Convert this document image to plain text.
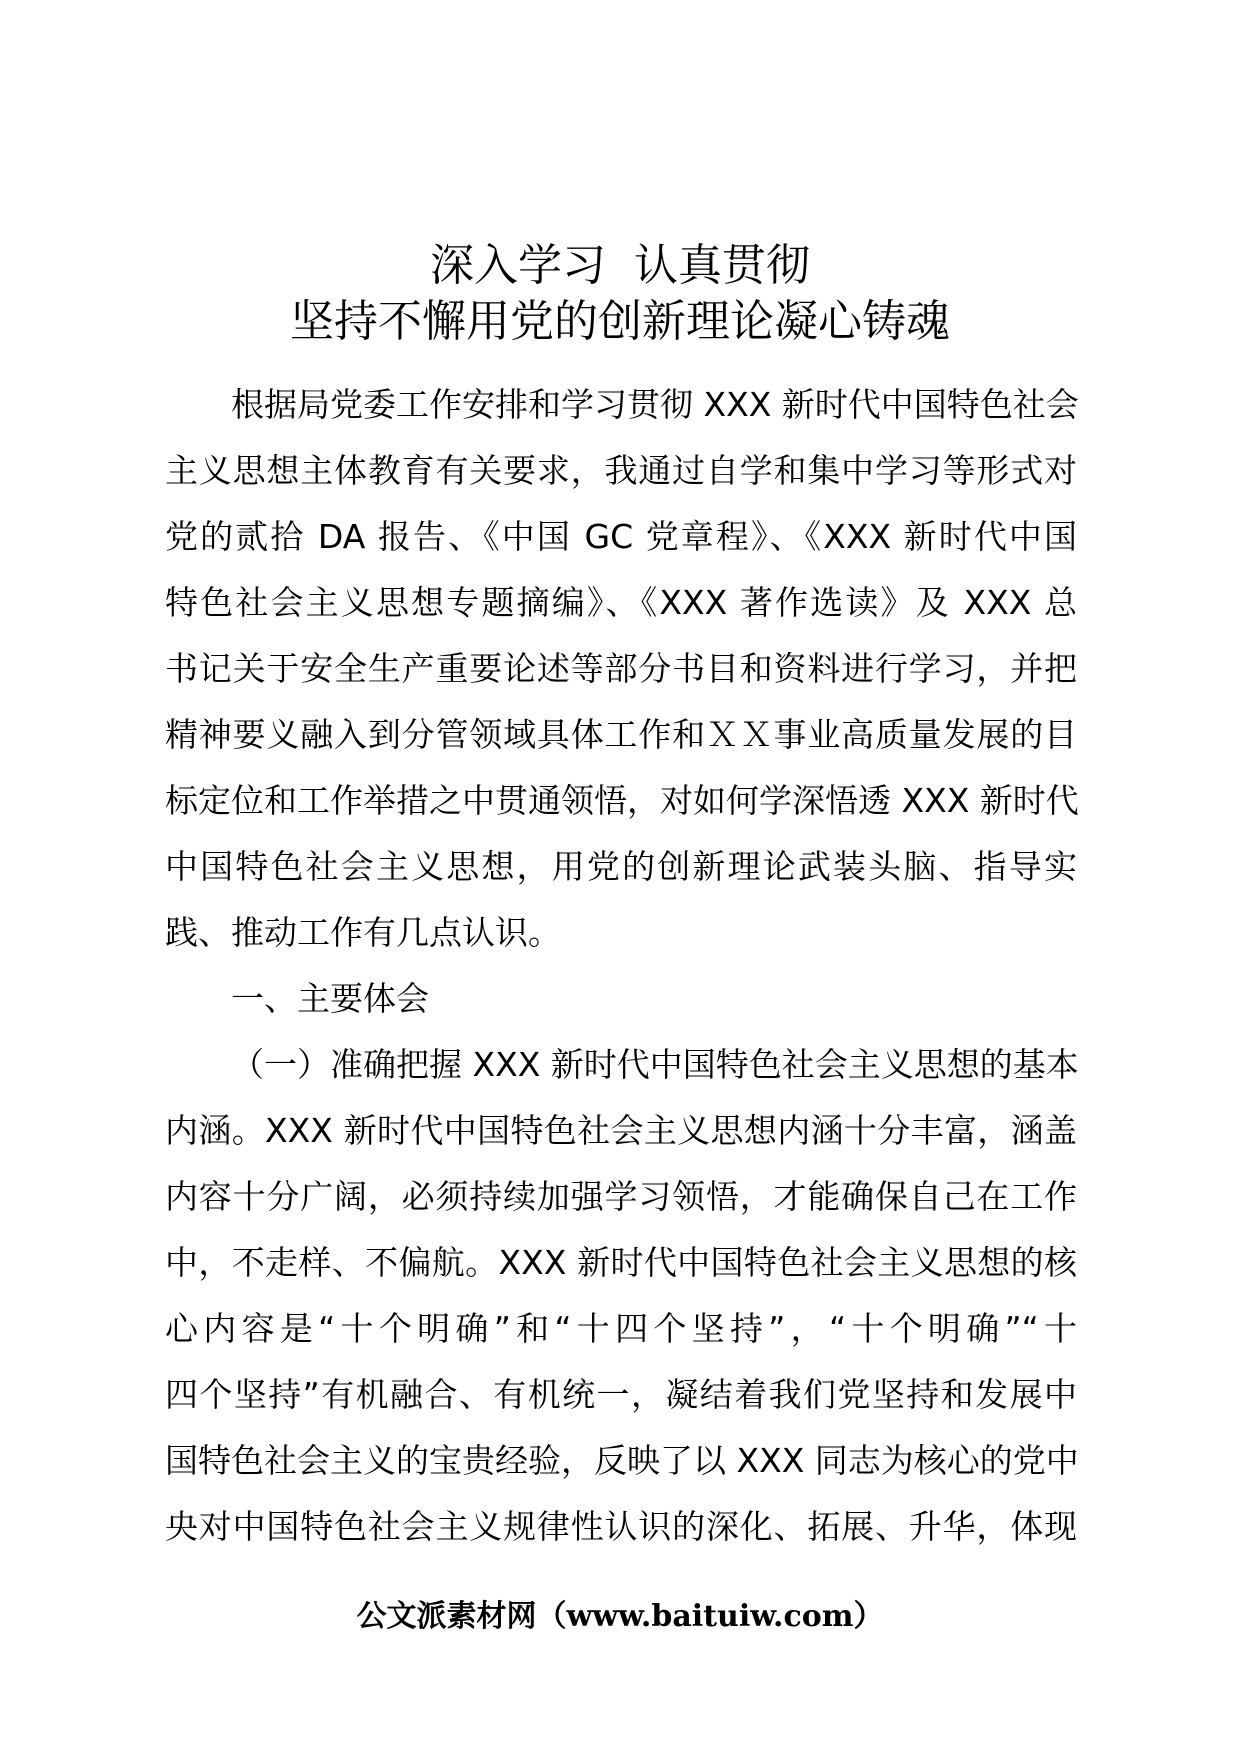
深入学习  认真贯彻
坚持不懈用党的创新理论凝心铸魂
根据局党委工作安排和学习贯彻 XXX 新时代中国特色社会
主义思想主体教育有关要求，我通过自学和集中学习等形式对
党的贰拾 DA 报告、《中国 GC 党章程》、《XXX 新时代中国
特色社会主义思想专题摘编》、《XXX 著作选读》及 XXX 总
书记关于安全生产重要论述等部分书目和资料进行学习，并把
精神要义融入到分管领域具体工作和ＸＸ事业高质量发展的目
标定位和工作举措之中贯通领悟，对如何学深悟透 XXX 新时代
中国特色社会主义思想，用党的创新理论武装头脑、指导实
践、推动工作有几点认识。
一、主要体会
（一）准确把握 XXX 新时代中国特色社会主义思想的基本
内涵。XXX 新时代中国特色社会主义思想内涵十分丰富，涵盖
内容十分广阔，必须持续加强学习领悟，才能确保自己在工作
中，不走样、不偏航。XXX 新时代中国特色社会主义思想的核
心内容是“十个明确”和“十四个坚持”，“十个明确”“十
四个坚持”有机融合、有机统一，凝结着我们党坚持和发展中
国特色社会主义的宝贵经验，反映了以 XXX 同志为核心的党中
央对中国特色社会主义规律性认识的深化、拓展、升华，体现
公文派素材网（www.baituiw.com）
